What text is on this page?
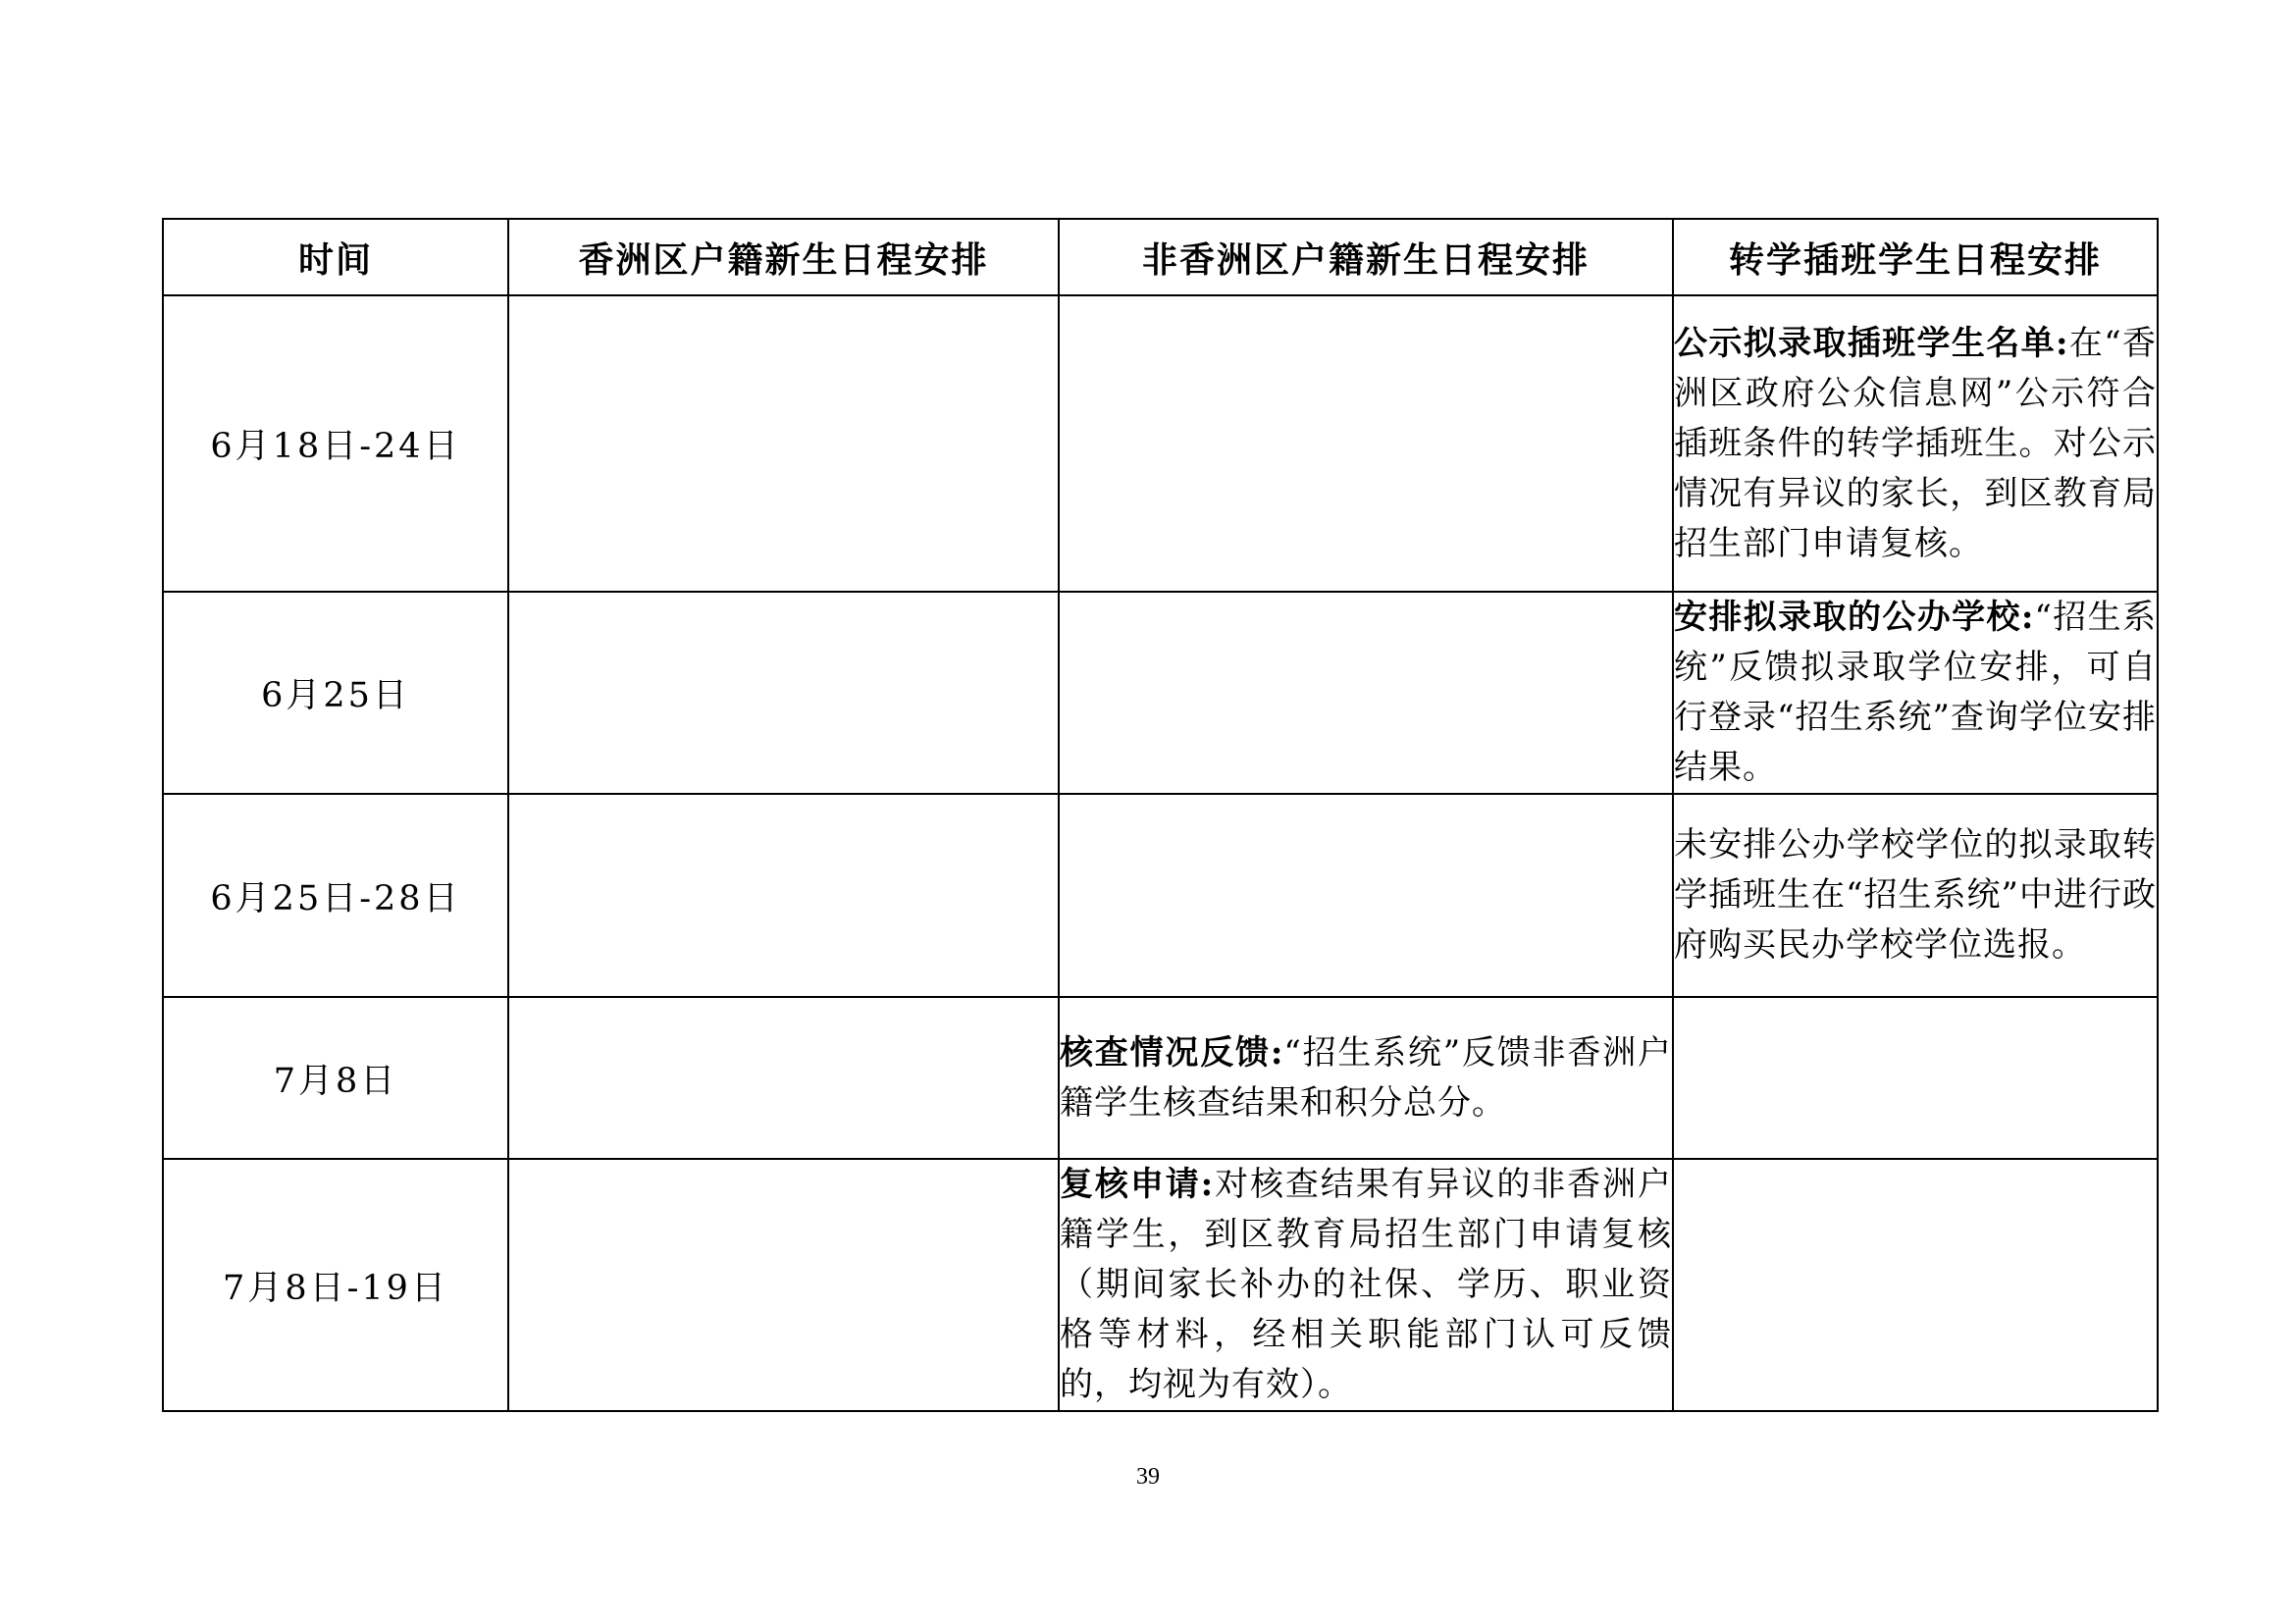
时间	香洲区户籍新生日程安排	非香洲区户籍新生日程安排	转学插班学生日程安排
6月18日-24日			公示拟录取插班学生名单:在“香洲区政府公众信息网”公示符合插班条件的转学插班生。对公示情况有异议的家长，到区教育局招生部门申请复核。
6月25日			安排拟录取的公办学校:“招生系统”反馈拟录取学位安排，可自行登录“招生系统”查询学位安排结果。
6月25日-28日			未安排公办学校学位的拟录取转学插班生在“招生系统”中进行政府购买民办学校学位选报。
7月8日		核查情况反馈:“招生系统”反馈非香洲户籍学生核查结果和积分总分。	
7月8日-19日		复核申请:对核查结果有异议的非香洲户籍学生，到区教育局招生部门申请复核（期间家长补办的社保、学历、职业资格等材料，经相关职能部门认可反馈的，均视为有效）。	
39
